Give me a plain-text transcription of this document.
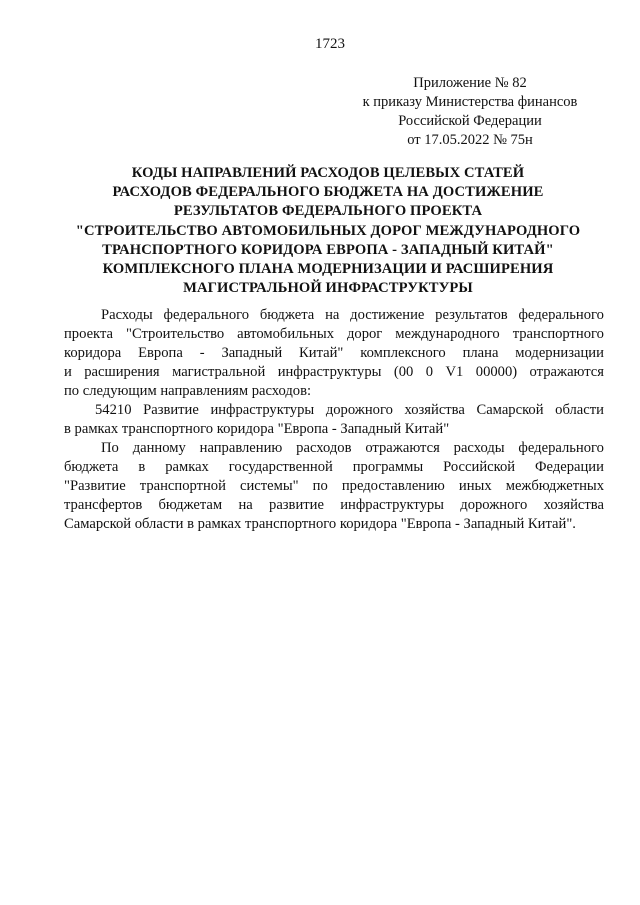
1723
Приложение № 82
к приказу Министерства финансов
Российской Федерации
от 17.05.2022 № 75н
КОДЫ НАПРАВЛЕНИЙ РАСХОДОВ ЦЕЛЕВЫХ СТАТЕЙ
РАСХОДОВ ФЕДЕРАЛЬНОГО БЮДЖЕТА НА ДОСТИЖЕНИЕ
РЕЗУЛЬТАТОВ ФЕДЕРАЛЬНОГО ПРОЕКТА
"СТРОИТЕЛЬСТВО АВТОМОБИЛЬНЫХ ДОРОГ МЕЖДУНАРОДНОГО
ТРАНСПОРТНОГО КОРИДОРА ЕВРОПА - ЗАПАДНЫЙ КИТАЙ"
КОМПЛЕКСНОГО ПЛАНА МОДЕРНИЗАЦИИ И РАСШИРЕНИЯ
МАГИСТРАЛЬНОЙ ИНФРАСТРУКТУРЫ
Расходы федерального бюджета на достижение результатов федерального
проекта "Строительство автомобильных дорог международного транспортного
коридора Европа - Западный Китай" комплексного плана модернизации
и расширения магистральной инфраструктуры (00 0 V1 00000) отражаются
по следующим направлениям расходов:
54210 Развитие инфраструктуры дорожного хозяйства Самарской области
в рамках транспортного коридора "Европа - Западный Китай"
По данному направлению расходов отражаются расходы федерального
бюджета в рамках государственной программы Российской Федерации
"Развитие транспортной системы" по предоставлению иных межбюджетных
трансфертов бюджетам на развитие инфраструктуры дорожного хозяйства
Самарской области в рамках транспортного коридора "Европа - Западный Китай".
